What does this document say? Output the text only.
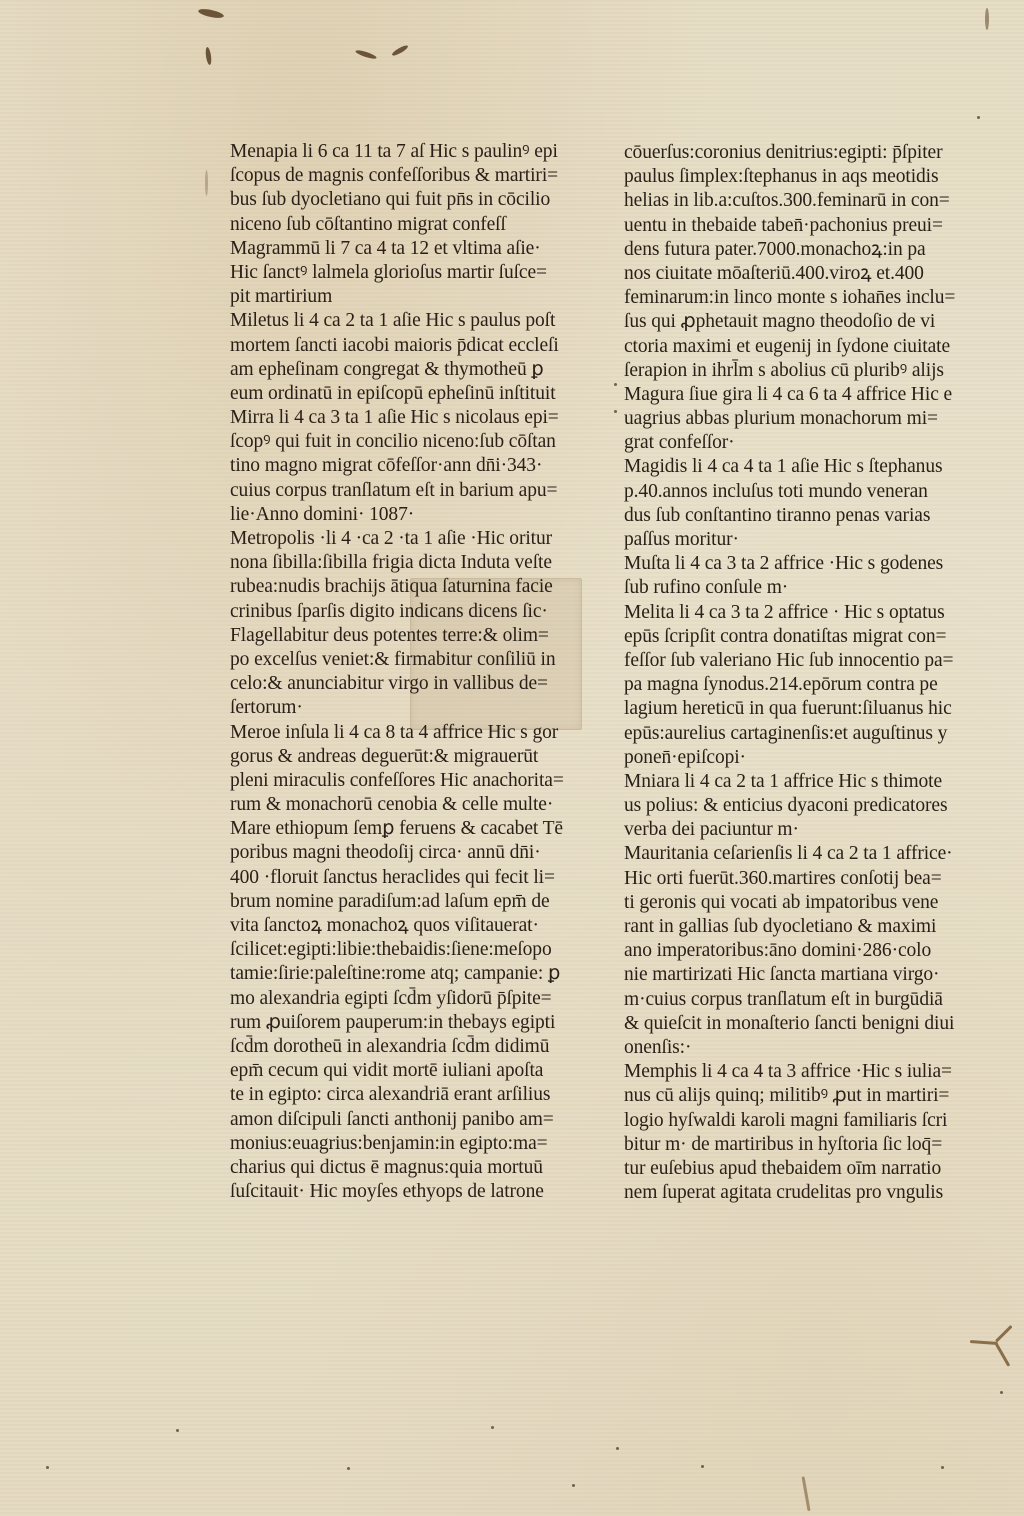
Menapia li 6 ca 11 ta 7 aſ Hic s paulinꝰ epi
ſcopus de magnis confeſſoribus & martiri=
bus ſub dyocletiano qui fuit pn̄s in cōcilio
niceno ſub cōſtantino migrat confeſſ
Magrammū li 7 ca 4 ta 12 et vltima aſie·
Hic ſanctꝰ lalmela glorioſus martir ſuſce=
pit martirium
Miletus li 4 ca 2 ta 1 aſie Hic s paulus poſt
mortem ſancti iacobi maioris p̄dicat eccleſi
am epheſinam congregat & thymotheū ꝑ
eum ordinatū in epiſcopū epheſinū inſtituit
Mirra li 4 ca 3 ta 1 aſie Hic s nicolaus epi=
ſcopꝰ qui fuit in concilio niceno:ſub cōſtan
tino magno migrat cōfeſſor·ann dn̄i·343·
cuius corpus tranſlatum eſt in barium apu=
lie·Anno domini· 1087·
Metropolis ·li 4 ·ca 2 ·ta 1 aſie ·Hic oritur
nona ſibilla:ſibilla frigia dicta Induta veſte
rubea:nudis brachijs ātiqua ſaturnina facie
crinibus ſparſis digito indicans dicens ſic·
Flagellabitur deus potentes terre:& olim=
po excelſus veniet:& firmabitur conſiliū in
celo:& anunciabitur virgo in vallibus de=
ſertorum·
Meroe inſula li 4 ca 8 ta 4 affrice Hic s gor
gorus & andreas deguerūt:& migrauerūt
pleni miraculis confeſſores Hic anachorita=
rum & monachorū cenobia & celle multe·
Mare ethiopum ſemꝑ feruens & cacabet Tē
poribus magni theodoſij circa· annū dn̄i·
400 ·floruit ſanctus heraclides qui fecit li=
brum nomine paradiſum:ad laſum epm̄ de
vita ſanctoꝝ monachoꝝ quos viſitauerat·
ſcilicet:egipti:libie:thebaidis:ſiene:meſopo
tamie:ſirie:paleſtine:rome atq; campanie: ꝑ
mo alexandria egipti ſcd̄m yſidorū p̄ſpite=
rum ꝓuiſorem pauperum:in thebays egipti
ſcd̄m dorotheū in alexandria ſcd̄m didimū
epm̄ cecum qui vidit mortē iuliani apoſta
te in egipto: circa alexandriā erant arſilius
amon diſcipuli ſancti anthonij panibo am=
monius:euagrius:benjamin:in egipto:ma=
charius qui dictus ē magnus:quia mortuū
ſuſcitauit· Hic moyſes ethyops de latrone
cōuerſus:coronius denitrius:egipti: p̄ſpiter
paulus ſimplex:ſtephanus in aqs meotidis
helias in lib.a:cuſtos.300.feminarū in con=
uentu in thebaide taben̄·pachonius preui=
dens futura pater.7000.monachoꝝ:in pa
nos ciuitate mōaſteriū.400.viroꝝ et.400
feminarum:in linco monte s iohan̄es inclu=
ſus qui ꝓphetauit magno theodoſio de vi
ctoria maximi et eugenij in ſydone ciuitate
ſerapion in ihrl̄m s abolius cū pluribꝰ alijs
Magura ſiue gira li 4 ca 6 ta 4 affrice Hic e
uagrius abbas plurium monachorum mi=
grat confeſſor·
Magidis li 4 ca 4 ta 1 aſie Hic s ſtephanus
p.40.annos incluſus toti mundo veneran
dus ſub conſtantino tiranno penas varias
paſſus moritur·
Muſta li 4 ca 3 ta 2 affrice ·Hic s godenes
ſub rufino conſule m·
Melita li 4 ca 3 ta 2 affrice · Hic s optatus
epūs ſcripſit contra donatiſtas migrat con=
feſſor ſub valeriano Hic ſub innocentio pa=
pa magna ſynodus.214.epōrum contra pe
lagium hereticū in qua fuerunt:ſiluanus hic
epūs:aurelius cartaginenſis:et auguſtinus y
ponen̄·epiſcopi·
Mniara li 4 ca 2 ta 1 affrice Hic s thimote
us polius: & enticius dyaconi predicatores
verba dei paciuntur m·
Mauritania ceſarienſis li 4 ca 2 ta 1 affrice·
Hic orti fuerūt.360.martires conſotij bea=
ti geronis qui vocati ab impatoribus vene
rant in gallias ſub dyocletiano & maximi
ano imperatoribus:āno domini·286·colo
nie martirizati Hic ſancta martiana virgo·
m·cuius corpus tranſlatum eſt in burgūdiā
& quieſcit in monaſterio ſancti benigni diui
onenſis:·
Memphis li 4 ca 4 ta 3 affrice ·Hic s iulia=
nus cū alijs quinq; militibꝰ ꝓut in martiri=
logio hyſwaldi karoli magni familiaris ſcri
bitur m· de martiribus in hyſtoria ſic loq̄=
tur euſebius apud thebaidem oīm narratio
nem ſuperat agitata crudelitas pro vngulis
